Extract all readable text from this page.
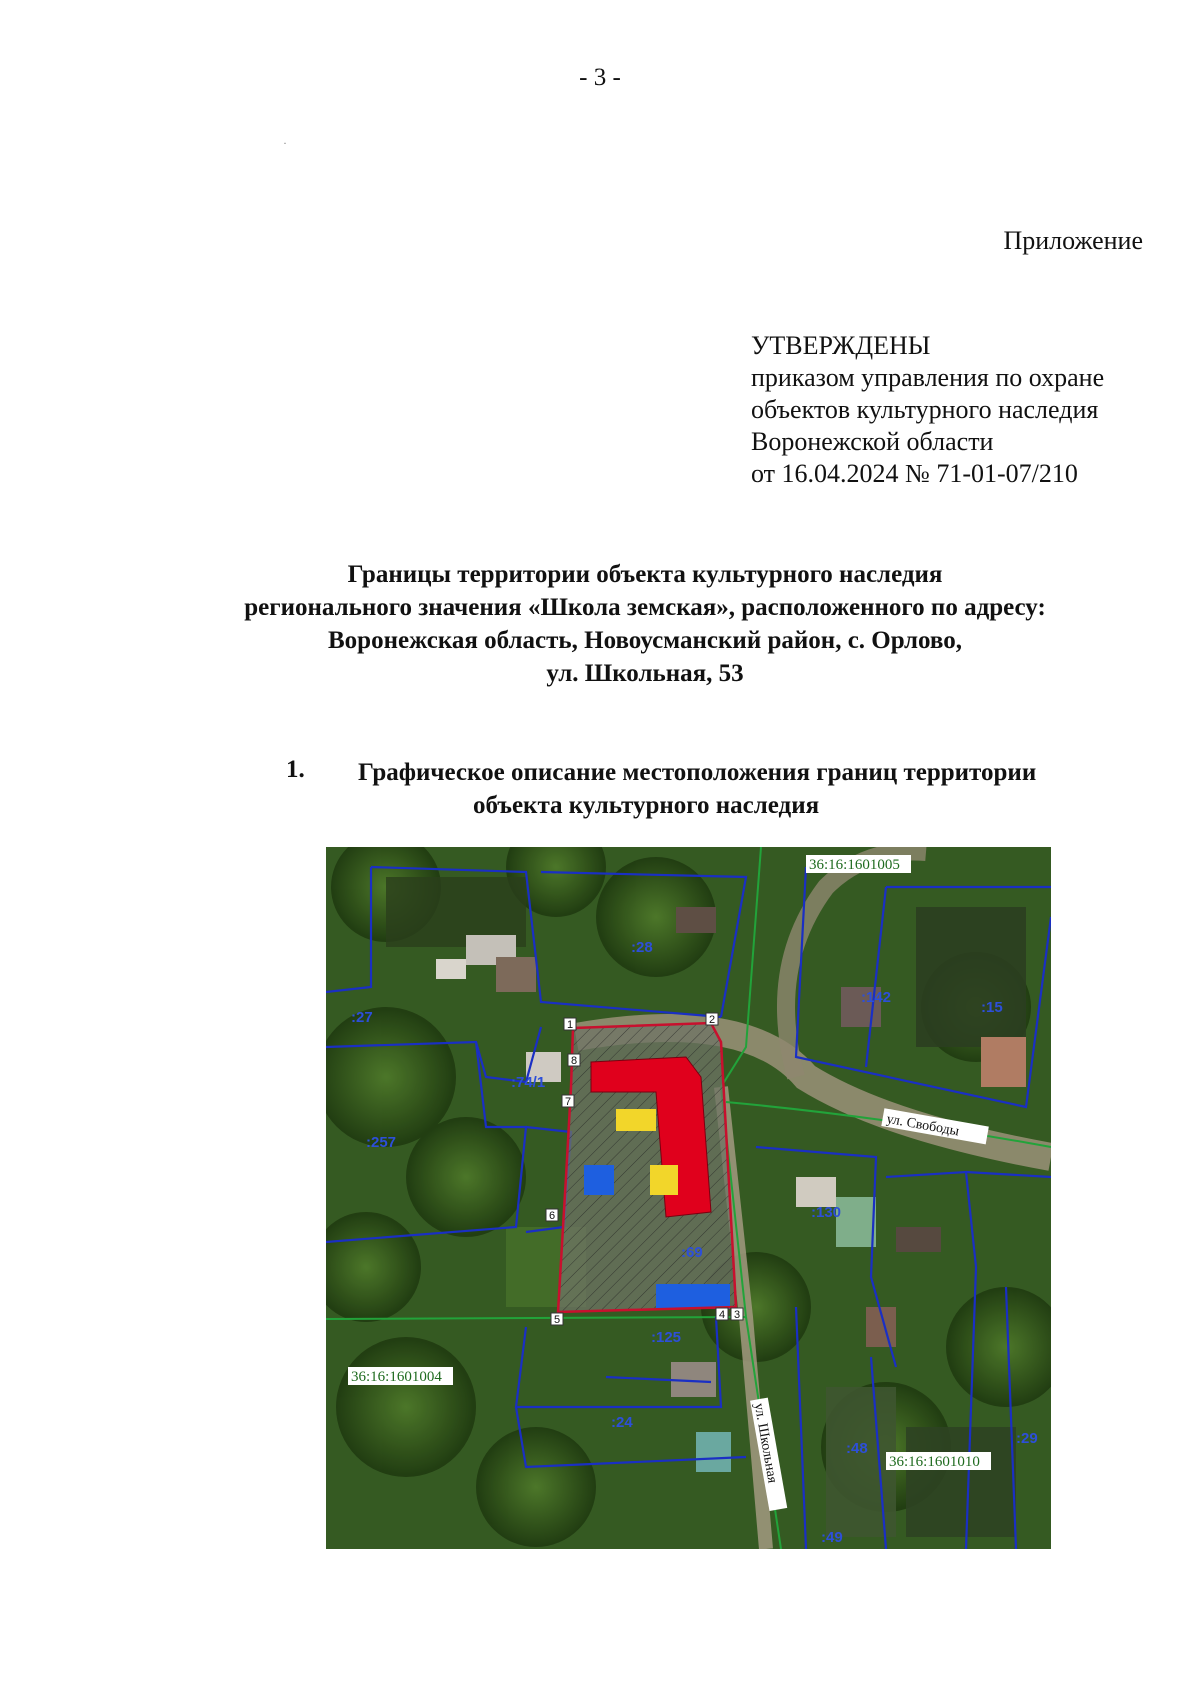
- 3 -
·
Приложение
УТВЕРЖДЕНЫ
приказом управления по охране
объектов культурного наследия
Воронежской области
от 16.04.2024 № 71-01-07/210
Границы территории объекта культурного наследия
регионального значения «Школа земская», расположенного по адресу:
Воронежская область, Новоусманский район, с. Орлово,
ул. Школьная, 53
1. Графическое описание местоположения границ территории
объекта культурного наследия
1	2
3
4
5
6
7
8
36:16:1601005
36:16:1601004
36:16:1601010
:28
:27
:74/1
:257
:142
:15
:130
:69
:125
:24
:48
:29
:49
ул. Свободы
ул. Школьная
